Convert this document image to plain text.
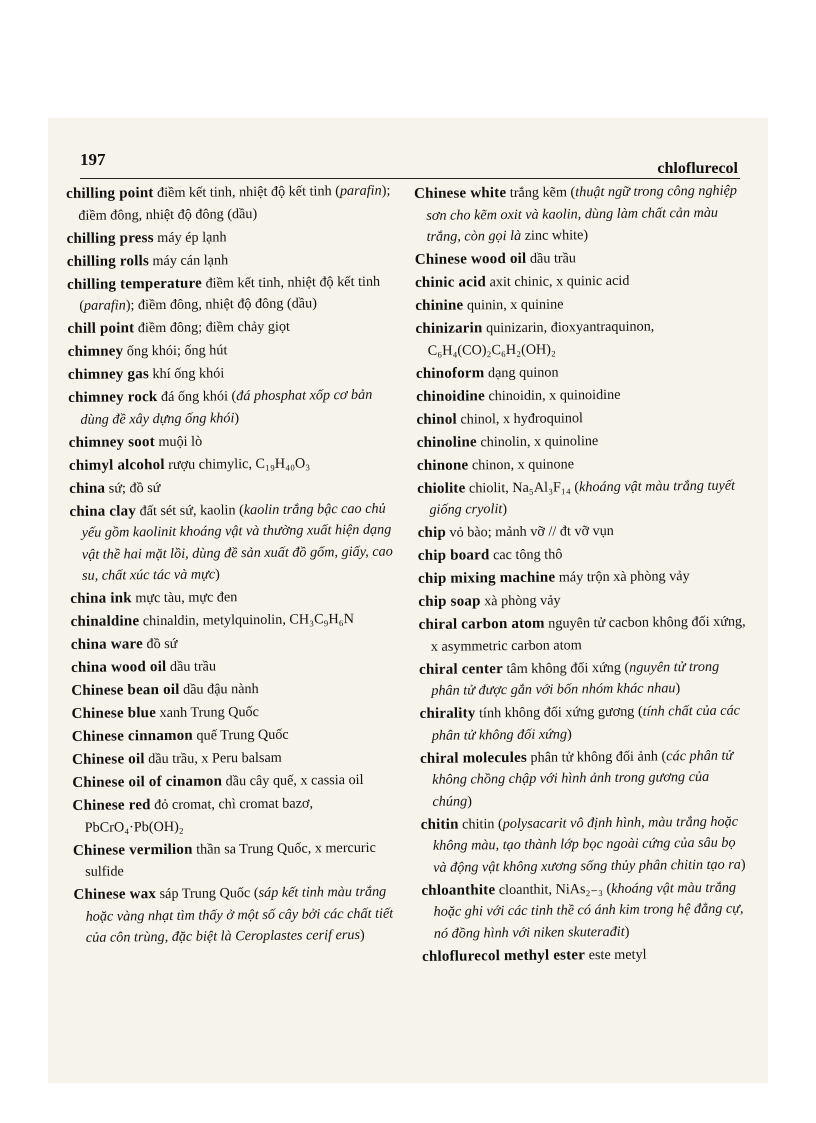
197	chloflurecol
chilling point điềm kết tinh, nhiệt độ kết tinh (parafin); điềm đông, nhiệt độ đông (dầu)
chilling press máy ép lạnh
chilling rolls máy cán lạnh
chilling temperature điềm kết tinh, nhiệt độ kết tinh (parafin); điềm đông, nhiệt độ đông (dầu)
chill point điềm đông; điềm chảy giọt
chimney ống khói; ống hút
chimney gas khí ống khói
chimney rock đá ống khói (đá phosphat xốp cơ bản dùng đề xây dựng ống khói)
chimney soot muội lò
chimyl alcohol rượu chimylic, C₁₉H₄₀O₃
china sứ; đồ sứ
china clay đất sét sứ, kaolin (kaolin trắng bậc cao chủ yếu gồm kaolinit khoáng vật và thường xuất hiện dạng vật thề hai mặt lồi, dùng đề sản xuất đồ gốm, giấy, cao su, chất xúc tác và mực)
china ink mực tàu, mực đen
chinaldine chinaldin, metylquinolin, CH₃C₉H₆N
china ware đồ sứ
china wood oil dầu trầu
Chinese bean oil dầu đậu nành
Chinese blue xanh Trung Quốc
Chinese cinnamon quế Trung Quốc
Chinese oil dầu trầu, x Peru balsam
Chinese oil of cinamon dầu cây quế, x cassia oil
Chinese red đỏ cromat, chì cromat bazơ, PbCrO₄·Pb(OH)₂
Chinese vermilion thần sa Trung Quốc, x mercuric sulfide
Chinese wax sáp Trung Quốc (sáp kết tinh màu trắng hoặc vàng nhạt tìm thấy ở một số cây bởi các chất tiết của côn trùng, đặc biệt là Ceroplastes cerif erus)
Chinese white trắng kẽm (thuật ngữ trong công nghiệp sơn cho kẽm oxit và kaolin, dùng làm chất cản màu trắng, còn gọi là zinc white)
Chinese wood oil dầu trầu
chinic acid axit chinic, x quinic acid
chinine quinin, x quinine
chinizarin quinizarin, đioxyantraquinon, C₆H₄(CO)₂C₆H₂(OH)₂
chinoform dạng quinon
chinoidine chinoidin, x quinoidine
chinol chinol, x hyđroquinol
chinoline chinolin, x quinoline
chinone chinon, x quinone
chiolite chiolit, Na₅Al₃F₁₄ (khoáng vật màu trắng tuyết giống cryolit)
chip vỏ bào; mảnh vỡ // đt vỡ vụn
chip board cac tông thô
chip mixing machine máy trộn xà phòng vảy
chip soap xà phòng vảy
chiral carbon atom nguyên tử cacbon không đối xứng, x asymmetric carbon atom
chiral center tâm không đối xứng (nguyên tử trong phân tử được gắn với bốn nhóm khác nhau)
chirality tính không đối xứng gương (tính chất của các phân tử không đối xứng)
chiral molecules phân tử không đối ảnh (các phân tử không chồng chập với hình ảnh trong gương của chúng)
chitin chitin (polysacarit vô định hình, màu trắng hoặc không màu, tạo thành lớp bọc ngoài cứng của sâu bọ và động vật không xương sống thủy phân chitin tạo ra)
chloanthite cloanthit, NiAs₂₋₃ (khoáng vật màu trắng hoặc ghi với các tinh thề có ánh kim trong hệ đẳng cự, nó đồng hình với niken skuterađit)
chloflurecol methyl ester este metyl
